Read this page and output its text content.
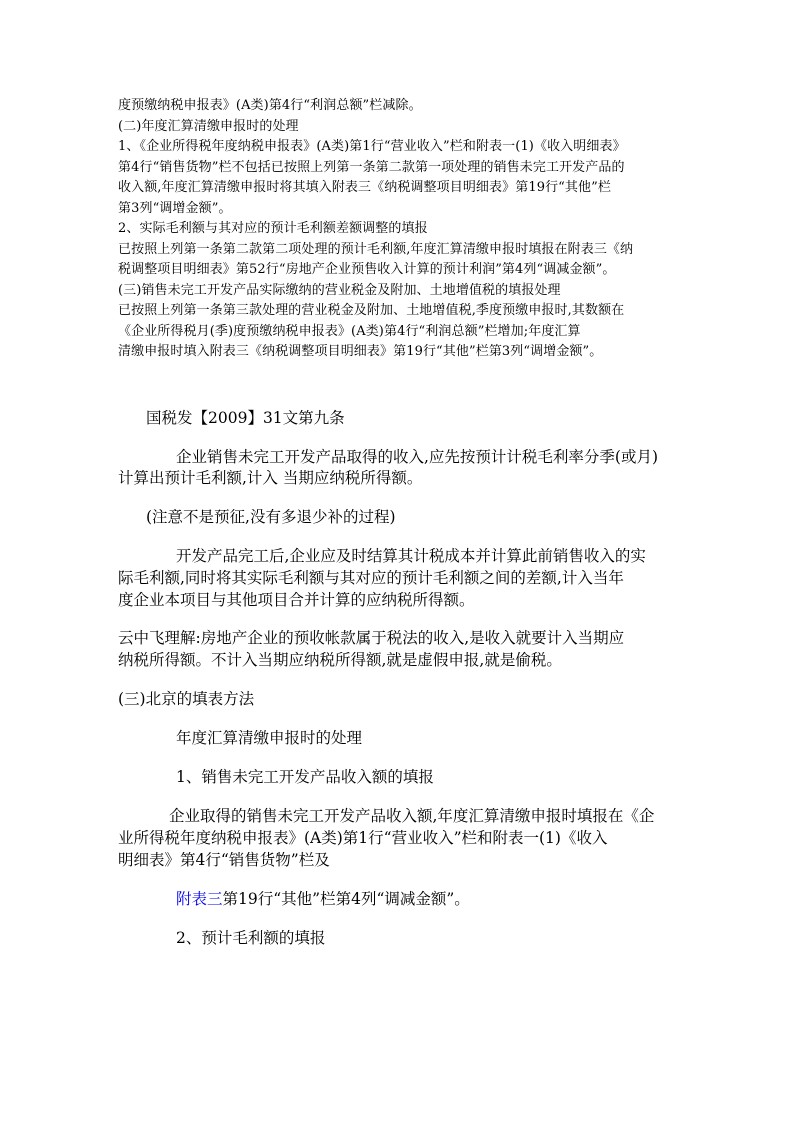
度预缴纳税申报表》(A类)第4行“利润总额”栏减除。

(二)年度汇算清缴申报时的处理

1、《企业所得税年度纳税申报表》(A类)第1行“营业收入”栏和附表一(1)《收入明细表》

第4行“销售货物”栏不包括已按照上列第一条第二款第一项处理的销售未完工开发产品的

收入额,年度汇算清缴申报时将其填入附表三《纳税调整项目明细表》第19行“其他”栏

第3列“调增金额”。

2、实际毛利额与其对应的预计毛利额差额调整的填报

已按照上列第一条第二款第二项处理的预计毛利额,年度汇算清缴申报时填报在附表三《纳

税调整项目明细表》第52行“房地产企业预售收入计算的预计利润”第4列“调减金额”。

(三)销售未完工开发产品实际缴纳的营业税金及附加、土地增值税的填报处理

已按照上列第一条第三款处理的营业税金及附加、土地增值税,季度预缴申报时,其数额在

《企业所得税月(季)度预缴纳税申报表》(A类)第4行“利润总额”栏增加;年度汇算

清缴申报时填入附表三《纳税调整项目明细表》第19行“其他”栏第3列“调增金额”。

国税发【2009】31文第九条

企业销售未完工开发产品取得的收入,应先按预计计税毛利率分季(或月)

计算出预计毛利额,计入 当期应纳税所得额。

(注意不是预征,没有多退少补的过程)

开发产品完工后,企业应及时结算其计税成本并计算此前销售收入的实

际毛利额,同时将其实际毛利额与其对应的预计毛利额之间的差额,计入当年

度企业本项目与其他项目合并计算的应纳税所得额。

云中飞理解:房地产企业的预收帐款属于税法的收入,是收入就要计入当期应

纳税所得额。不计入当期应纳税所得额,就是虚假申报,就是偷税。

(三)北京的填表方法

年度汇算清缴申报时的处理

1、销售未完工开发产品收入额的填报

企业取得的销售未完工开发产品收入额,年度汇算清缴申报时填报在《企

业所得税年度纳税申报表》(A类)第1行“营业收入”栏和附表一(1)《收入

明细表》第4行“销售货物”栏及

附表三第19行“其他”栏第4列“调减金额”。

2、预计毛利额的填报
